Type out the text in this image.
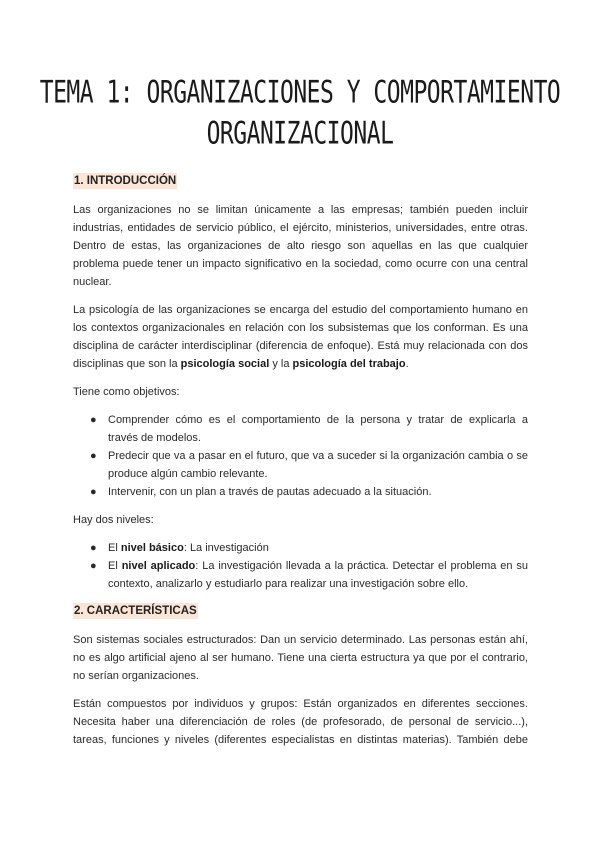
TEMA 1: ORGANIZACIONES Y COMPORTAMIENTO
ORGANIZACIONAL
1. INTRODUCCIÓN

Las organizaciones no se limitan únicamente a las empresas; también pueden incluir
industrias, entidades de servicio público, el ejército, ministerios, universidades, entre otras.
Dentro de estas, las organizaciones de alto riesgo son aquellas en las que cualquier
problema puede tener un impacto significativo en la sociedad, como ocurre con una central
nuclear.

La psicología de las organizaciones se encarga del estudio del comportamiento humano en
los contextos organizacionales en relación con los subsistemas que los conforman. Es una
disciplina de carácter interdisciplinar (diferencia de enfoque). Está muy relacionada con dos
disciplinas que son la psicología social y la psicología del trabajo.

Tiene como objetivos:

● Comprender cómo es el comportamiento de la persona y tratar de explicarla a
través de modelos.
● Predecir que va a pasar en el futuro, que va a suceder si la organización cambia o se
produce algún cambio relevante.
● Intervenir, con un plan a través de pautas adecuado a la situación.

Hay dos niveles:

● El nivel básico: La investigación
● El nivel aplicado: La investigación llevada a la práctica. Detectar el problema en su
contexto, analizarlo y estudiarlo para realizar una investigación sobre ello.
2. CARACTERÍSTICAS

Son sistemas sociales estructurados: Dan un servicio determinado. Las personas están ahí,
no es algo artificial ajeno al ser humano. Tiene una cierta estructura ya que por el contrario,
no serían organizaciones.

Están compuestos por individuos y grupos: Están organizados en diferentes secciones.
Necesita haber una diferenciación de roles (de profesorado, de personal de servicio...),
tareas, funciones y niveles (diferentes especialistas en distintas materias). También debe
